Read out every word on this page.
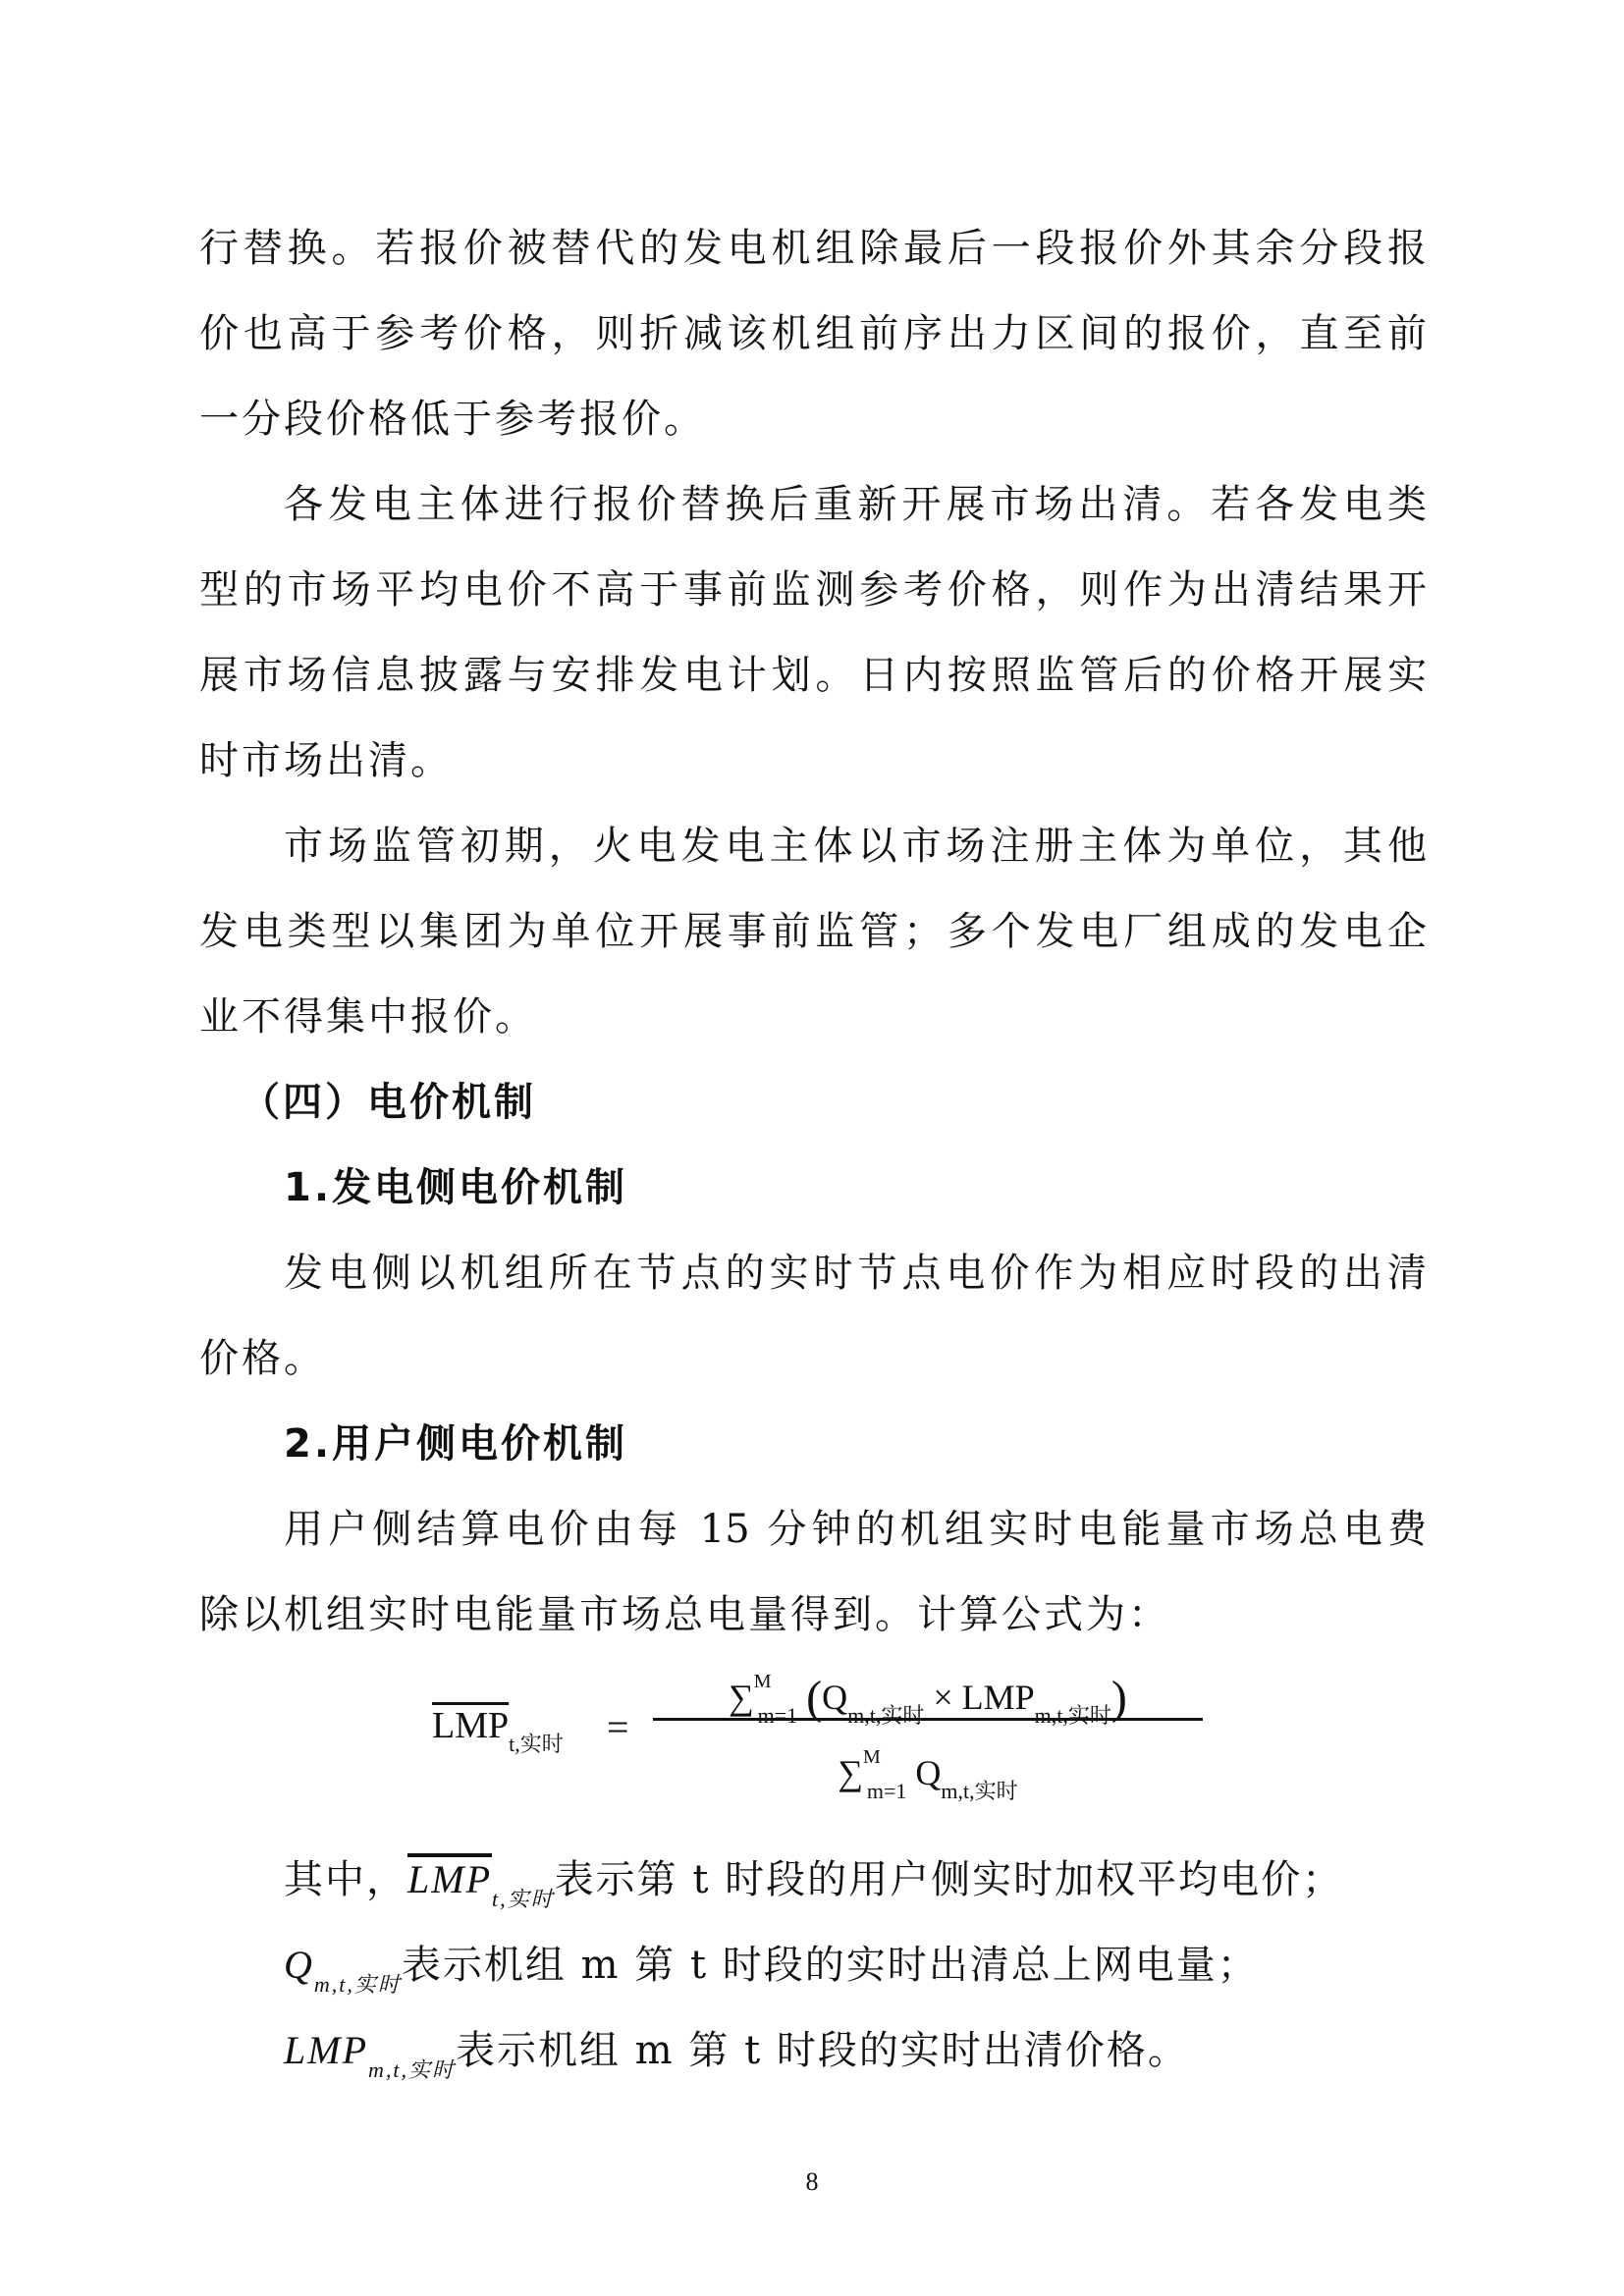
行替换。若报价被替代的发电机组除最后一段报价外其余分段报
价也高于参考价格，则折减该机组前序出力区间的报价，直至前
一分段价格低于参考报价。
各发电主体进行报价替换后重新开展市场出清。若各发电类
型的市场平均电价不高于事前监测参考价格，则作为出清结果开
展市场信息披露与安排发电计划。日内按照监管后的价格开展实
时市场出清。
市场监管初期，火电发电主体以市场注册主体为单位，其他
发电类型以集团为单位开展事前监管；多个发电厂组成的发电企
业不得集中报价。
（四）电价机制
1.发电侧电价机制
发电侧以机组所在节点的实时节点电价作为相应时段的出清
价格。
2.用户侧电价机制
用户侧结算电价由每 15 分钟的机组实时电能量市场总电费
除以机组实时电能量市场总电量得到。计算公式为：
$\overline{LMP}_{t,实时}$ =
∑$^M_{m=1}$ $(Q_{m,t,实时} \times LMP_{m,t,实时})$
∑$^M_{m=1}$ $Q_{m,t,实时}$
其中，$\overline{LMP}_{t,实时}$表示第 t 时段的用户侧实时加权平均电价；
$Q_{m,t,实时}$表示机组 m 第 t 时段的实时出清总上网电量；
$LMP_{m,t,实时}$表示机组 m 第 t 时段的实时出清价格。
8
